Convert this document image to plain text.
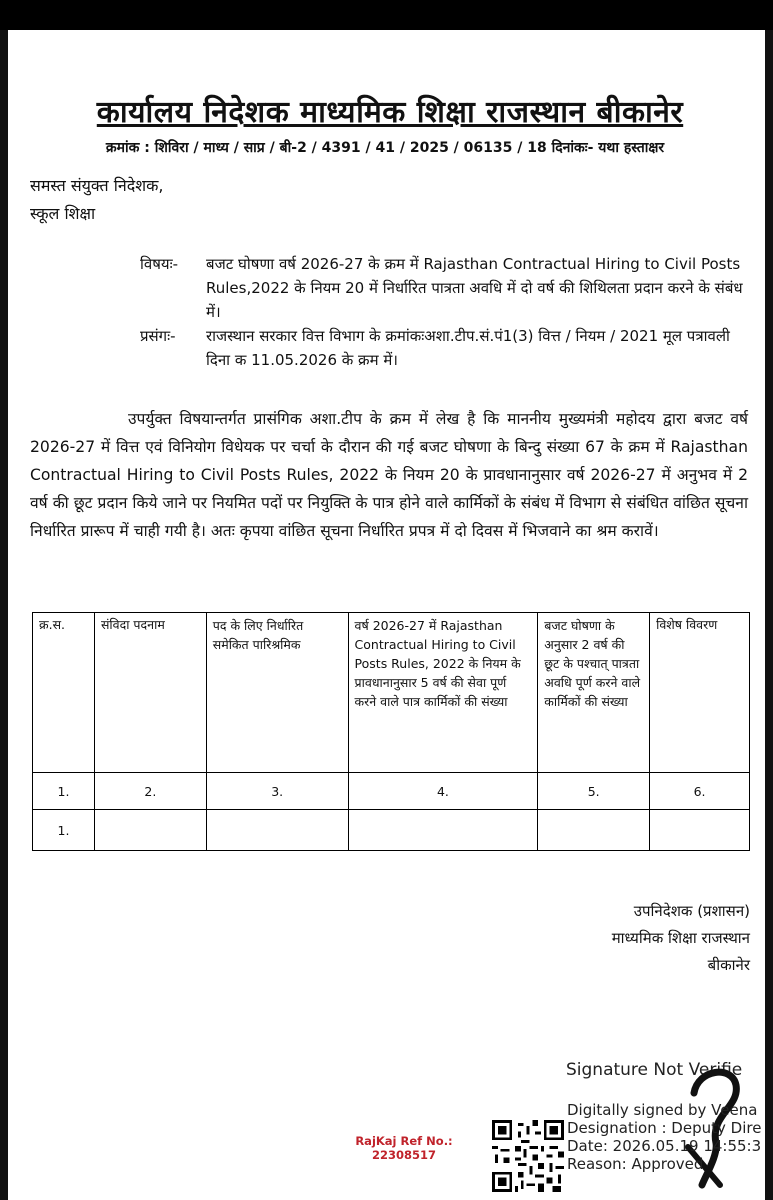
कार्यालय निदेशक माध्यमिक शिक्षा राजस्थान बीकानेर
क्रमांक : शिविरा / माध्य / साप्र / बी-2 / 4391 / 41 / 2025 / 06135 / 18 दिनांकः- यथा हस्ताक्षर
समस्त संयुक्त निदेशक,
स्कूल शिक्षा
विषयः- बजट घोषणा वर्ष 2026-27 के क्रम में Rajasthan Contractual Hiring to Civil Posts Rules,2022 के नियम 20 में निर्धारित पात्रता अवधि में दो वर्ष की शिथिलता प्रदान करने के संबंध में।
प्रसंगः- राजस्थान सरकार वित्त विभाग के क्रमांकःअशा.टीप.सं.पं1(3) वित्त / नियम / 2021 मूल पत्रावली दिना क 11.05.2026 के क्रम में।
उपर्युक्त विषयान्तर्गत प्रासंगिक अशा.टीप के क्रम में लेख है कि माननीय मुख्यमंत्री महोदय द्वारा बजट वर्ष 2026-27 में वित्त एवं विनियोग विधेयक पर चर्चा के दौरान की गई बजट घोषणा के बिन्दु संख्या 67 के क्रम में Rajasthan Contractual Hiring to Civil Posts Rules, 2022 के नियम 20 के प्रावधानानुसार वर्ष 2026-27 में अनुभव में 2 वर्ष की छूट प्रदान किये जाने पर नियमित पदों पर नियुक्ति के पात्र होने वाले कार्मिकों के संबंध में विभाग से संबंधित वांछित सूचना निर्धारित प्रारूप में चाही गयी है। अतः कृपया वांछित सूचना निर्धारित प्रपत्र में दो दिवस में भिजवाने का श्रम करावें।
क्र.स.	संविदा पदनाम	पद के लिए निर्धारित समेकित पारिश्रमिक	वर्ष 2026-27 में Rajasthan Contractual Hiring to Civil Posts Rules, 2022 के नियम के प्रावधानानुसार 5 वर्ष की सेवा पूर्ण करने वाले पात्र कार्मिकों की संख्या	बजट घोषणा के अनुसार 2 वर्ष की छूट के पश्चात् पात्रता अवधि पूर्ण करने वाले कार्मिकों की संख्या	विशेष विवरण
1.	2.	3.	4.	5.	6.
1.					
उपनिदेशक (प्रशासन)
माध्यमिक शिक्षा राजस्थान
बीकानेर
Signature Not Verifie
Digitally signed by Veena
Designation : Deputy Dire
Date: 2026.05.19 14:55:3
Reason: Approved
RajKaj Ref No.:
22308517
